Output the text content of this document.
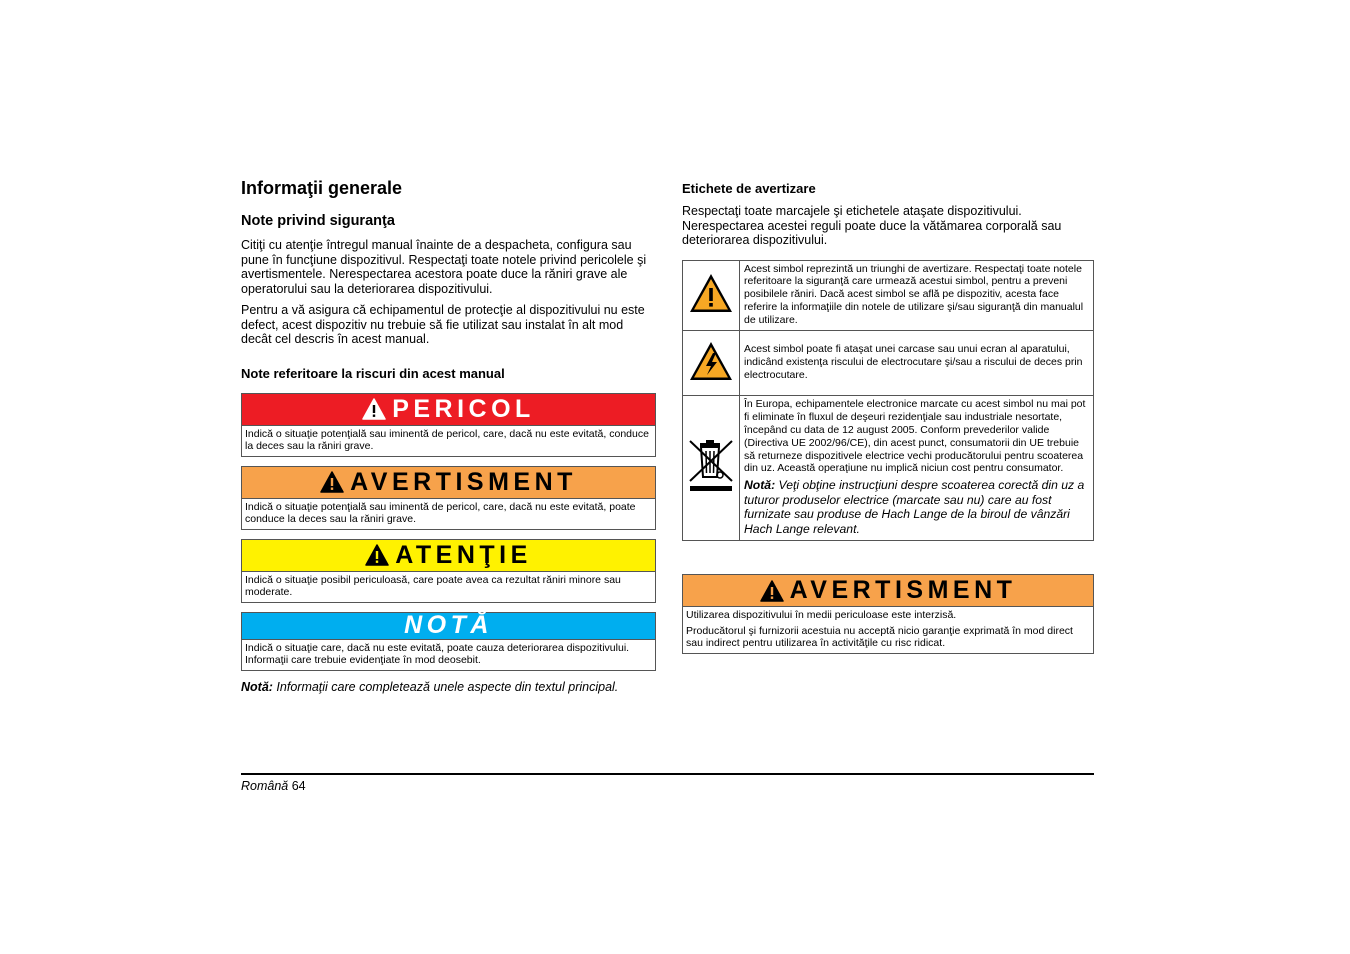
Informaţii generale
Note privind siguranţa

Citiţi cu atenţie întregul manual înainte de a despacheta, configura sau pune în funcţiune dispozitivul. Respectaţi toate notele privind pericolele şi avertismentele. Nerespectarea acestora poate duce la răniri grave ale operatorului sau la deteriorarea dispozitivului.

Pentru a vă asigura că echipamentul de protecţie al dispozitivului nu este defect, acest dispozitiv nu trebuie să fie utilizat sau instalat în alt mod decât cel descris în acest manual.

Note referitoare la riscuri din acest manual
PERICOL
Indică o situaţie potenţială sau iminentă de pericol, care, dacă nu este evitată, conduce la deces sau la răniri grave.
AVERTISMENT
Indică o situaţie potenţială sau iminentă de pericol, care, dacă nu este evitată, poate conduce la deces sau la răniri grave.
ATENŢIE
Indică o situaţie posibil periculoasă, care poate avea ca rezultat răniri minore sau moderate.
NOTĂ
Indică o situaţie care, dacă nu este evitată, poate cauza deteriorarea dispozitivului. Informaţii care trebuie evidenţiate în mod deosebit.
Notă: Informaţii care completează unele aspecte din textul principal.
Etichete de avertizare

Respectaţi toate marcajele şi etichetele ataşate dispozitivului. Nerespectarea acestei reguli poate duce la vătămarea corporală sau deteriorarea dispozitivului.

	Acest simbol reprezintă un triunghi de avertizare. Respectaţi toate notele referitoare la siguranţă care urmează acestui simbol, pentru a preveni posibilele răniri. Dacă acest simbol se află pe dispozitiv, acesta face referire la informaţiile din notele de utilizare şi/sau siguranţă din manualul de utilizare.
	Acest simbol poate fi ataşat unei carcase sau unui ecran al aparatului, indicând existenţa riscului de electrocutare şi/sau a riscului de deces prin electrocutare.

În Europa, echipamentele electronice marcate cu acest simbol nu mai pot fi eliminate în fluxul de deşeuri rezidenţiale sau industriale nesortate, începând cu data de 12 august 2005. Conform prevederilor valide (Directiva UE 2002/96/CE), din acest punct, consumatorii din UE trebuie să returneze dispozitivele electrice vechi producătorului pentru scoaterea din uz. Această operaţiune nu implică niciun cost pentru consumator.
Notă: Veţi obţine instrucţiuni despre scoaterea corectă din uz a tuturor produselor electrice (marcate sau nu) care au fost furnizate sau produse de Hach Lange de la biroul de vânzări Hach Lange relevant.
AVERTISMENT
Utilizarea dispozitivului în medii periculoase este interzisă.
Producătorul şi furnizorii acestuia nu acceptă nicio garanţie exprimată în mod direct sau indirect pentru utilizarea în activităţile cu risc ridicat.
Română 64
